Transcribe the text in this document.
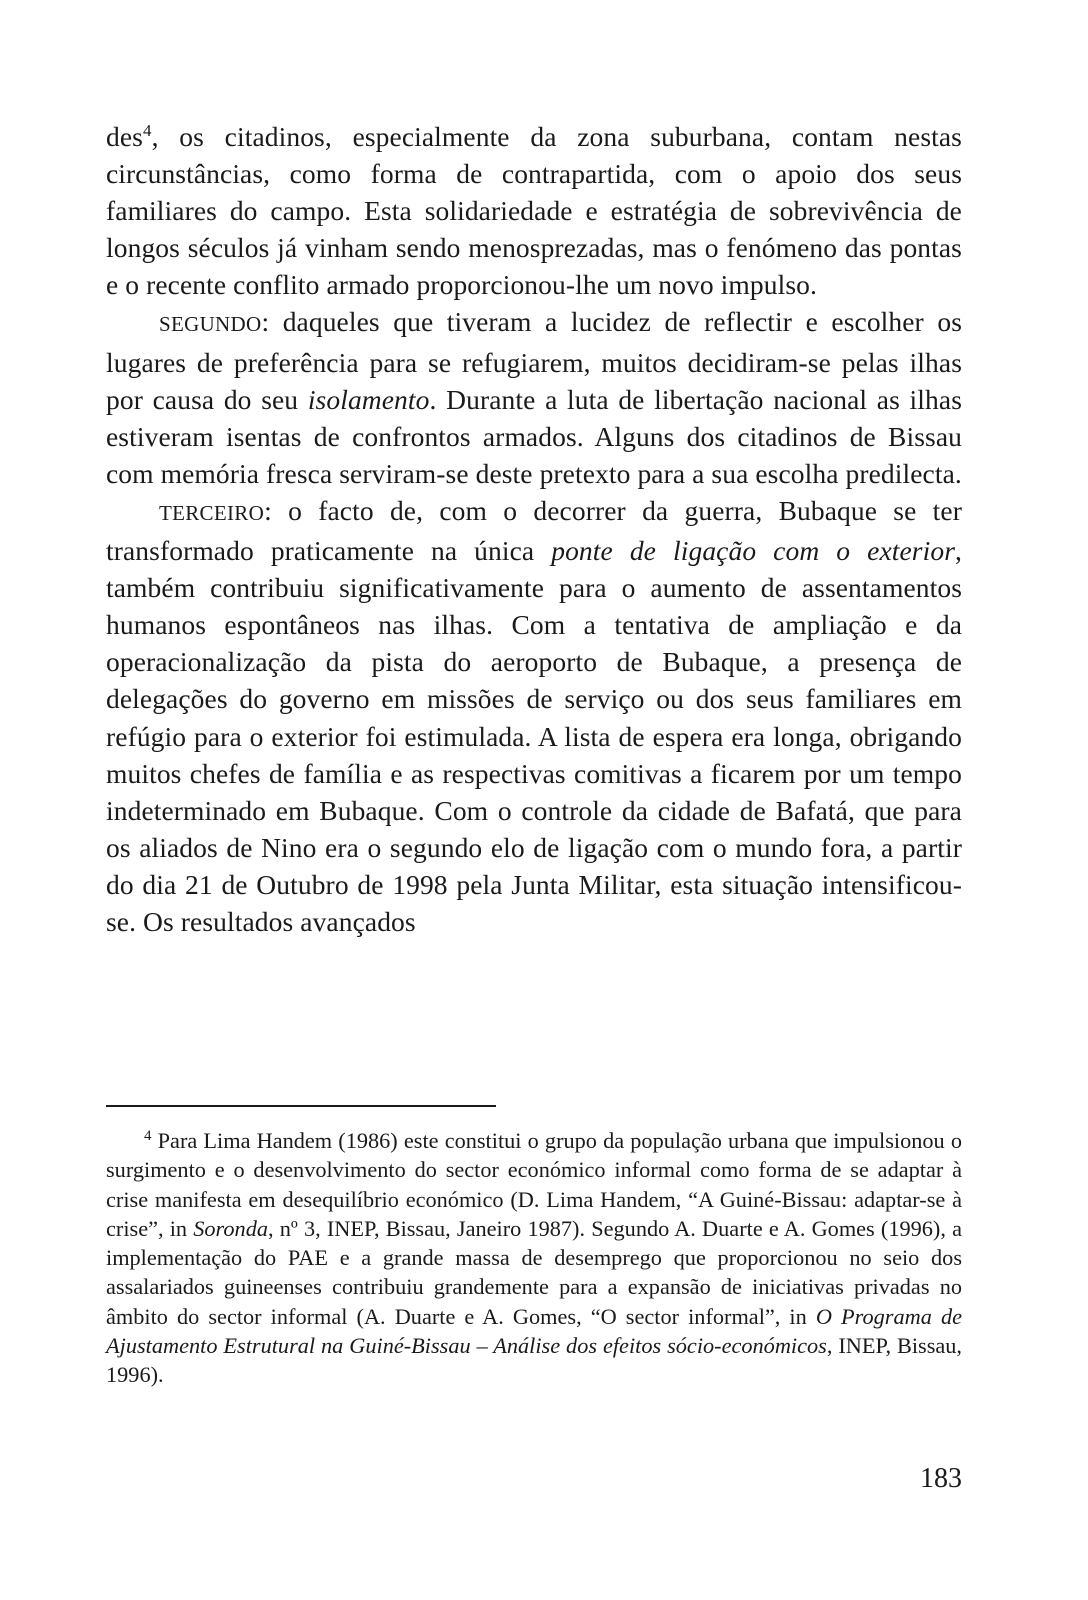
des$^4$, os citadinos, especialmente da zona suburbana, contam nestas circunstâncias, como forma de contrapartida, com o apoio dos seus familiares do campo. Esta solidariedade e estratégia de sobrevivência de longos séculos já vinham sendo menosprezadas, mas o fenómeno das pontas e o recente conflito armado proporcionou-lhe um novo impulso.

SEGUNDO: daqueles que tiveram a lucidez de reflectir e escolher os lugares de preferência para se refugiarem, muitos decidiram-se pelas ilhas por causa do seu isolamento. Durante a luta de libertação nacional as ilhas estiveram isentas de confrontos armados. Alguns dos citadinos de Bissau com memória fresca serviram-se deste pretexto para a sua escolha predilecta.

TERCEIRO: o facto de, com o decorrer da guerra, Bubaque se ter transformado praticamente na única ponte de ligação com o exterior, também contribuiu significativamente para o aumento de assentamentos humanos espontâneos nas ilhas. Com a tentativa de ampliação e da operacionalização da pista do aeroporto de Bubaque, a presença de delegações do governo em missões de serviço ou dos seus familiares em refúgio para o exterior foi estimulada. A lista de espera era longa, obrigando muitos chefes de família e as respectivas comitivas a ficarem por um tempo indeterminado em Bubaque. Com o controle da cidade de Bafatá, que para os aliados de Nino era o segundo elo de ligação com o mundo fora, a partir do dia 21 de Outubro de 1998 pela Junta Militar, esta situação intensificou-se. Os resultados avançados

$^4$ Para Lima Handem (1986) este constitui o grupo da população urbana que impulsionou o surgimento e o desenvolvimento do sector económico informal como forma de se adaptar à crise manifesta em desequilíbrio económico (D. Lima Handem, “A Guiné-Bissau: adaptar-se à crise”, in Soronda, nº 3, INEP, Bissau, Janeiro 1987). Segundo A. Duarte e A. Gomes (1996), a implementação do PAE e a grande massa de desemprego que proporcionou no seio dos assalariados guineenses contribuiu grandemente para a expansão de iniciativas privadas no âmbito do sector informal (A. Duarte e A. Gomes, “O sector informal”, in O Programa de Ajustamento Estrutural na Guiné-Bissau – Análise dos efeitos sócio-económicos, INEP, Bissau, 1996).

183
